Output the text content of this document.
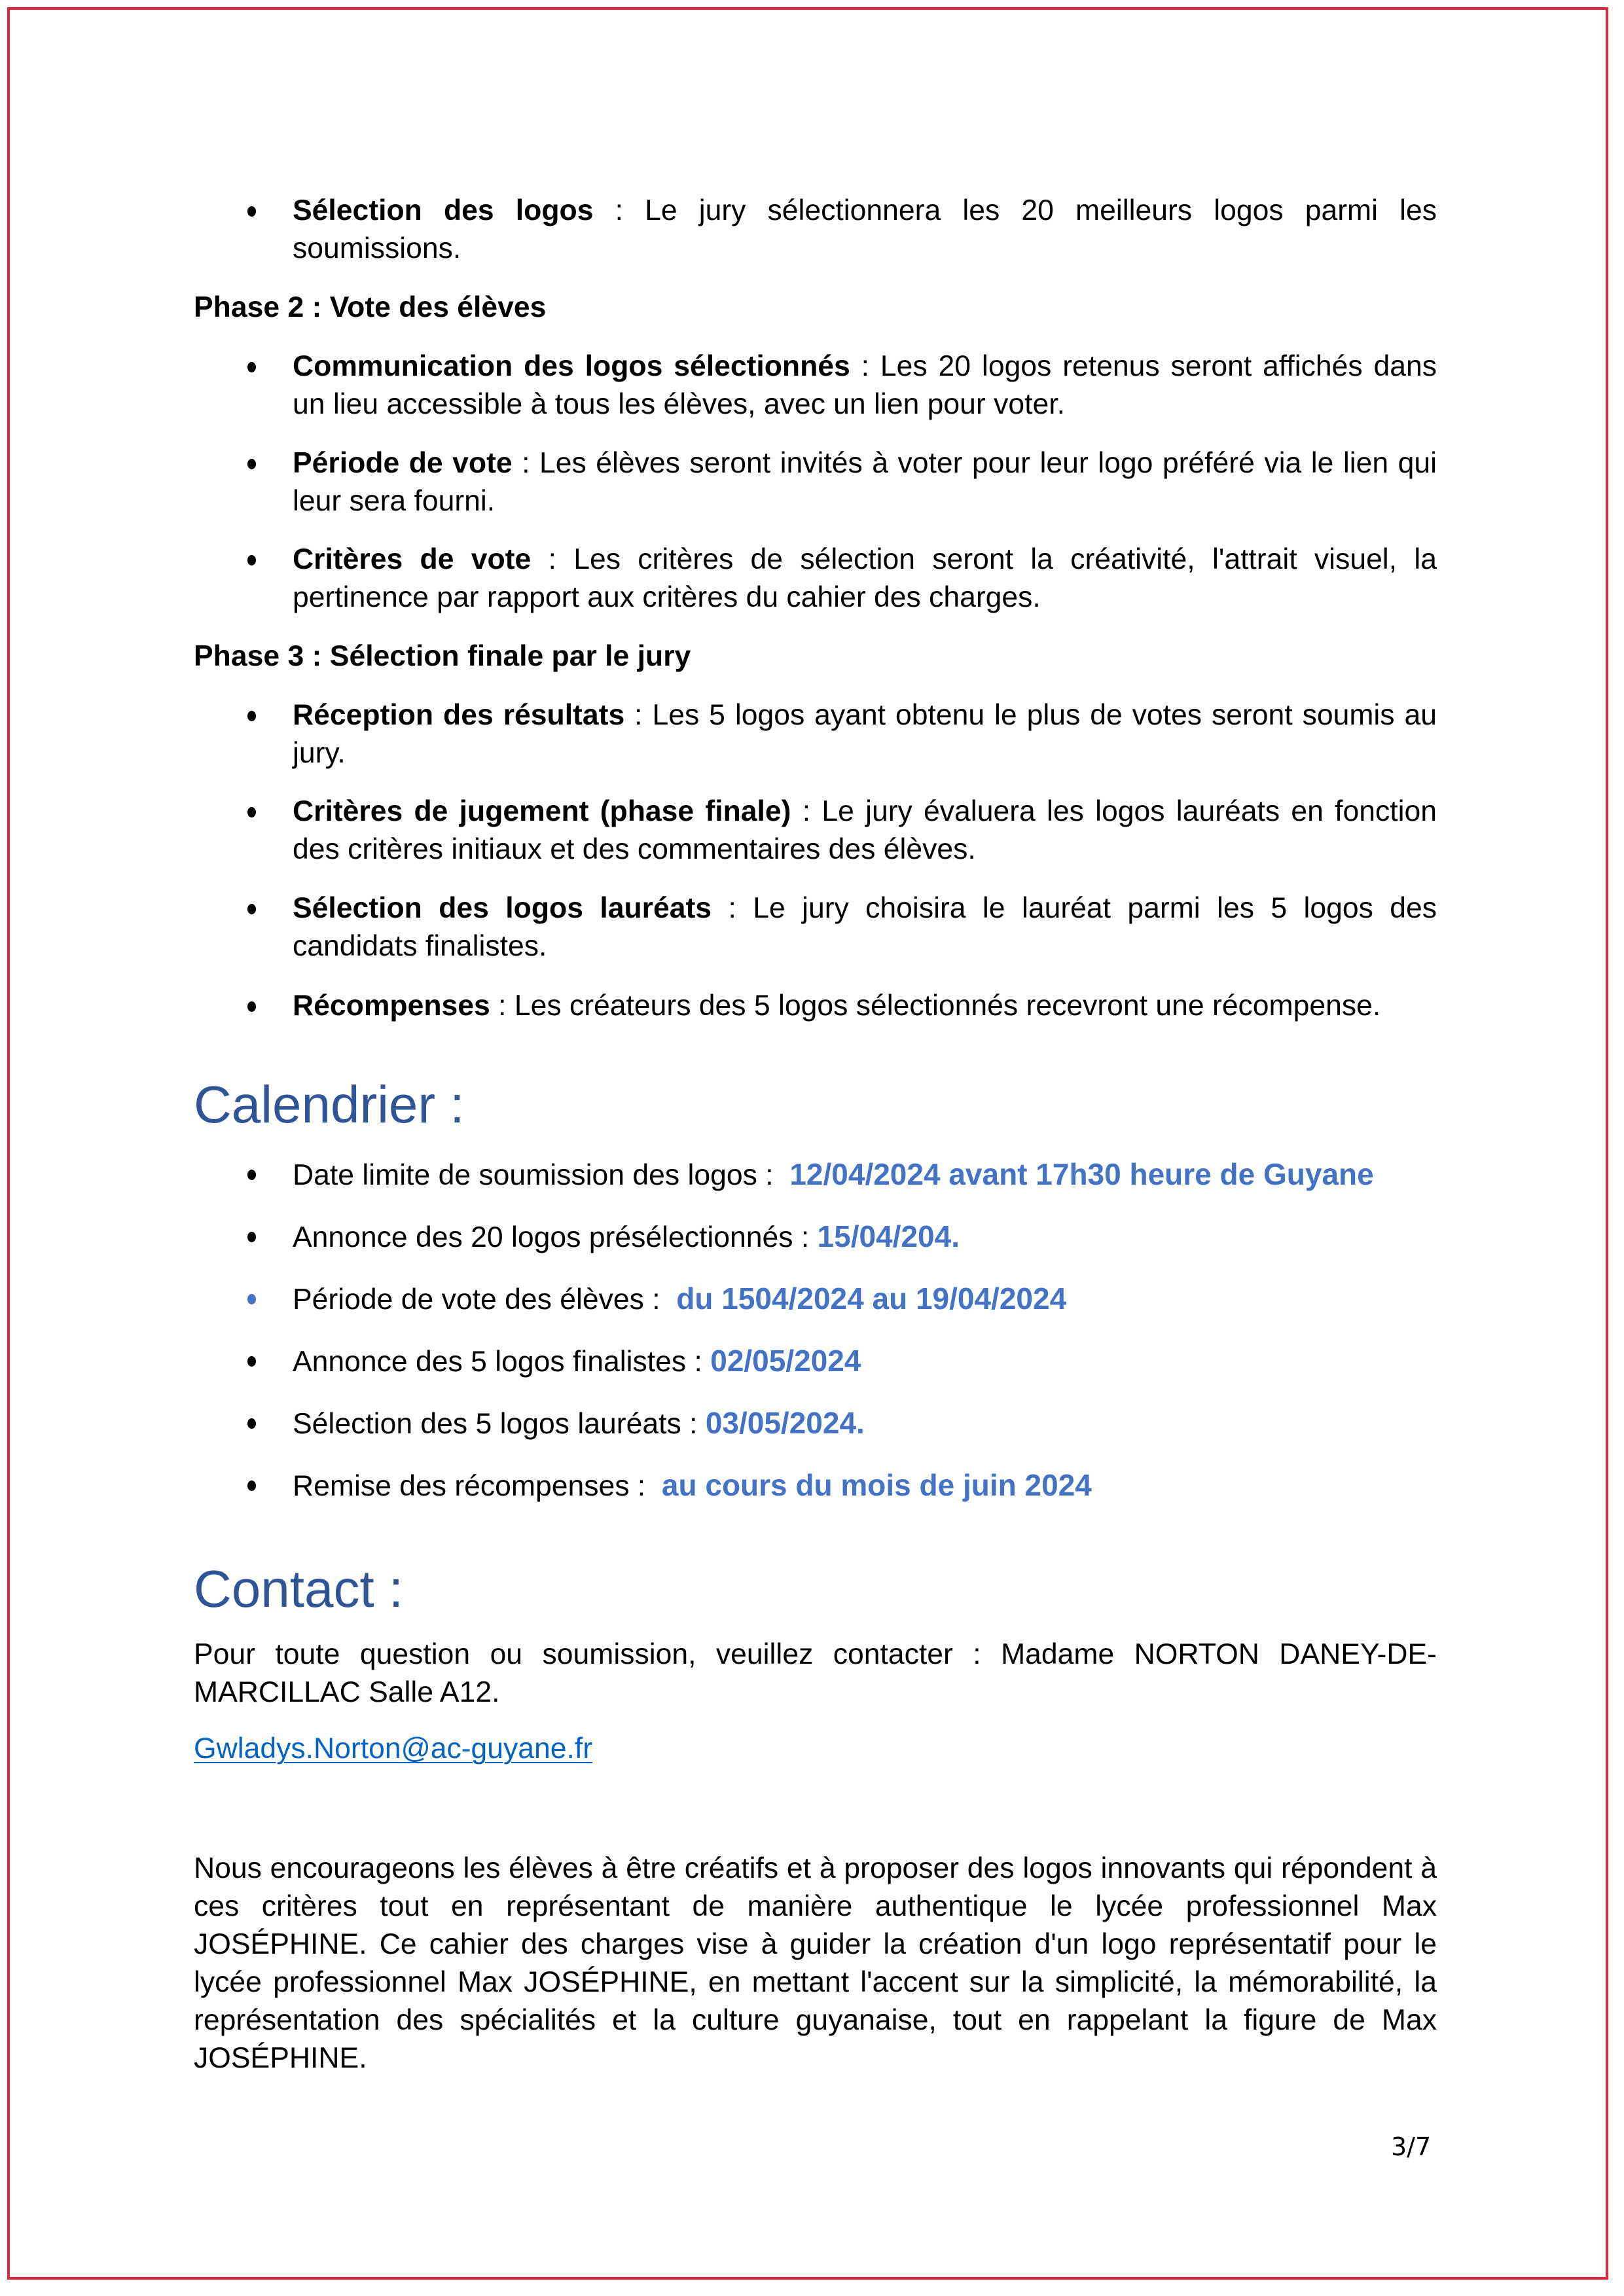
Sélection des logos : Le jury sélectionnera les 20 meilleurs logos parmi les soumissions.
Phase 2 : Vote des élèves
Communication des logos sélectionnés : Les 20 logos retenus seront affichés dans un lieu accessible à tous les élèves, avec un lien pour voter.
Période de vote : Les élèves seront invités à voter pour leur logo préféré via le lien qui leur sera fourni.
Critères de vote : Les critères de sélection seront la créativité, l'attrait visuel, la pertinence par rapport aux critères du cahier des charges.
Phase 3 : Sélection finale par le jury
Réception des résultats : Les 5 logos ayant obtenu le plus de votes seront soumis au jury.
Critères de jugement (phase finale) : Le jury évaluera les logos lauréats en fonction des critères initiaux et des commentaires des élèves.
Sélection des logos lauréats : Le jury choisira le lauréat parmi les 5 logos des candidats finalistes.
Récompenses : Les créateurs des 5 logos sélectionnés recevront une récompense.
Calendrier :
Date limite de soumission des logos :  12/04/2024 avant 17h30 heure de Guyane
Annonce des 20 logos présélectionnés : 15/04/204.
Période de vote des élèves :  du 1504/2024 au 19/04/2024
Annonce des 5 logos finalistes : 02/05/2024
Sélection des 5 logos lauréats : 03/05/2024.
Remise des récompenses :  au cours du mois de juin 2024
Contact :
Pour toute question ou soumission, veuillez contacter : Madame NORTON DANEY-DE-MARCILLAC Salle A12.
Gwladys.Norton@ac-guyane.fr
Nous encourageons les élèves à être créatifs et à proposer des logos innovants qui répondent à ces critères tout en représentant de manière authentique le lycée professionnel Max JOSÉPHINE. Ce cahier des charges vise à guider la création d'un logo représentatif pour le lycée professionnel Max JOSÉPHINE, en mettant l'accent sur la simplicité, la mémorabilité, la représentation des spécialités et la culture guyanaise, tout en rappelant la figure de Max JOSÉPHINE.
3/7
